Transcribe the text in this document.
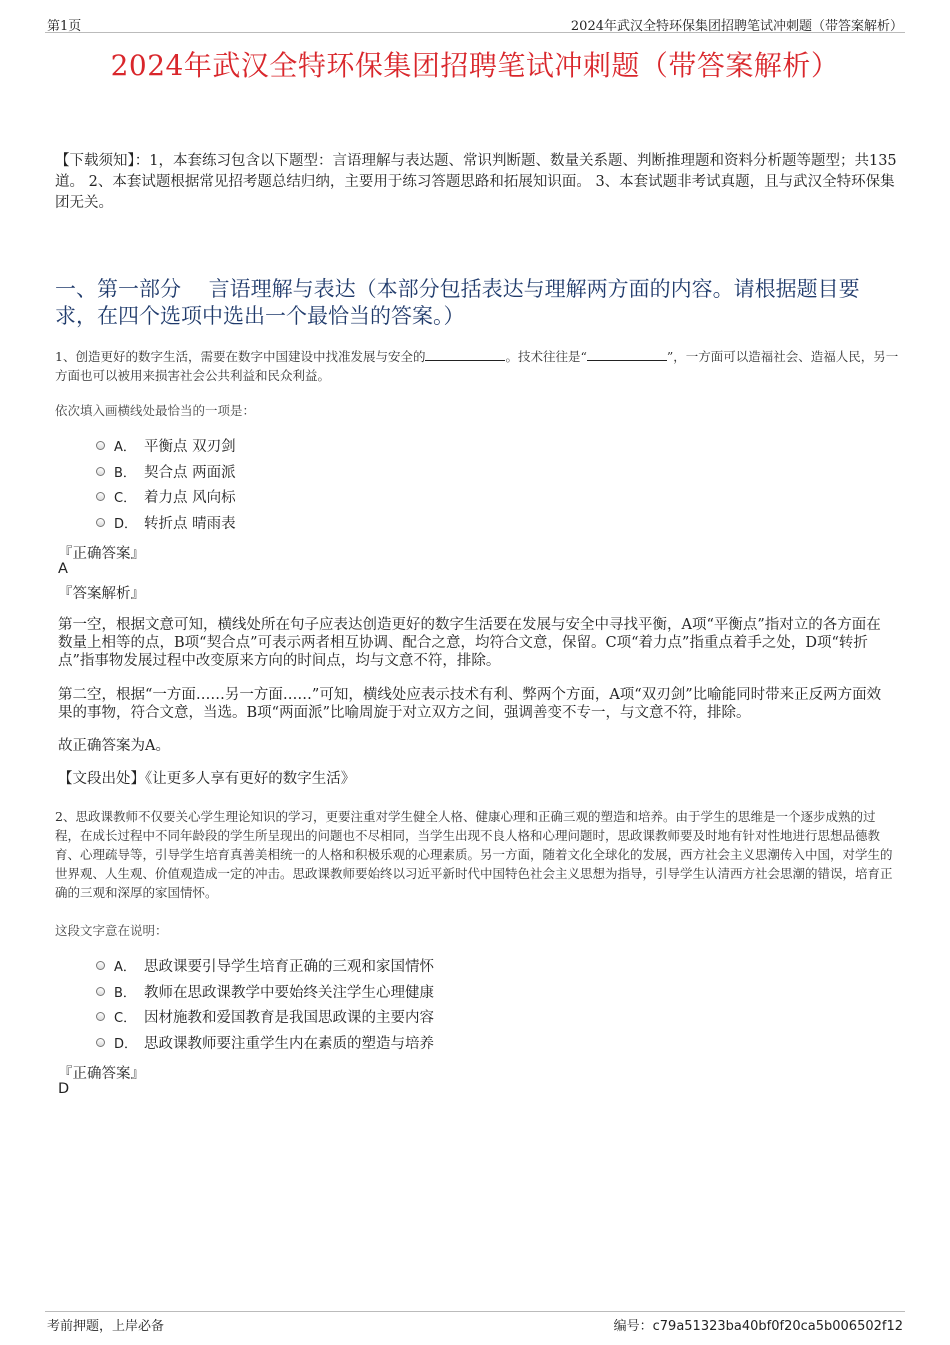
第1页	2024年武汉全特环保集团招聘笔试冲刺题（带答案解析）
2024年武汉全特环保集团招聘笔试冲刺题（带答案解析）
【下载须知】：1，本套练习包含以下题型：言语理解与表达题、常识判断题、数量关系题、判断推理题和资料分析题等题型；共135道。 2、本套试题根据常见招考题总结归纳，主要用于练习答题思路和拓展知识面。 3、本套试题非考试真题，且与武汉全特环保集团无关。
一、第一部分　 言语理解与表达（本部分包括表达与理解两方面的内容。请根据题目要求，在四个选项中选出一个最恰当的答案。）
1、创造更好的数字生活，需要在数字中国建设中找准发展与安全的	。技术往往是“	”，一方面可以造福社会、造福人民，另一方面也可以被用来损害社会公共利益和民众利益。
依次填入画横线处最恰当的一项是：
A． 平衡点 双刃剑
B． 契合点 两面派
C． 着力点 风向标
D． 转折点 晴雨表
『正确答案』
A
『答案解析』
第一空，根据文意可知，横线处所在句子应表达创造更好的数字生活要在发展与安全中寻找平衡，A项“平衡点”指对立的各方面在数量上相等的点，B项“契合点”可表示两者相互协调、配合之意，均符合文意，保留。C项“着力点”指重点着手之处，D项“转折点”指事物发展过程中改变原来方向的时间点，均与文意不符，排除。
第二空，根据“一方面……另一方面……”可知，横线处应表示技术有利、弊两个方面，A项“双刃剑”比喻能同时带来正反两方面效果的事物，符合文意，当选。B项“两面派”比喻周旋于对立双方之间，强调善变不专一，与文意不符，排除。
故正确答案为A。
【文段出处】《让更多人享有更好的数字生活》
2、思政课教师不仅要关心学生理论知识的学习，更要注重对学生健全人格、健康心理和正确三观的塑造和培养。由于学生的思维是一个逐步成熟的过程，在成长过程中不同年龄段的学生所呈现出的问题也不尽相同，当学生出现不良人格和心理问题时，思政课教师要及时地有针对性地进行思想品德教育、心理疏导等，引导学生培育真善美相统一的人格和积极乐观的心理素质。另一方面，随着文化全球化的发展，西方社会主义思潮传入中国，对学生的世界观、人生观、价值观造成一定的冲击。思政课教师要始终以习近平新时代中国特色社会主义思想为指导，引导学生认清西方社会思潮的错误，培育正确的三观和深厚的家国情怀。
这段文字意在说明：
A． 思政课要引导学生培育正确的三观和家国情怀
B． 教师在思政课教学中要始终关注学生心理健康
C． 因材施教和爱国教育是我国思政课的主要内容
D． 思政课教师要注重学生内在素质的塑造与培养
『正确答案』
D
考前押题，上岸必备	编号：c79a51323ba40bf0f20ca5b006502f12
